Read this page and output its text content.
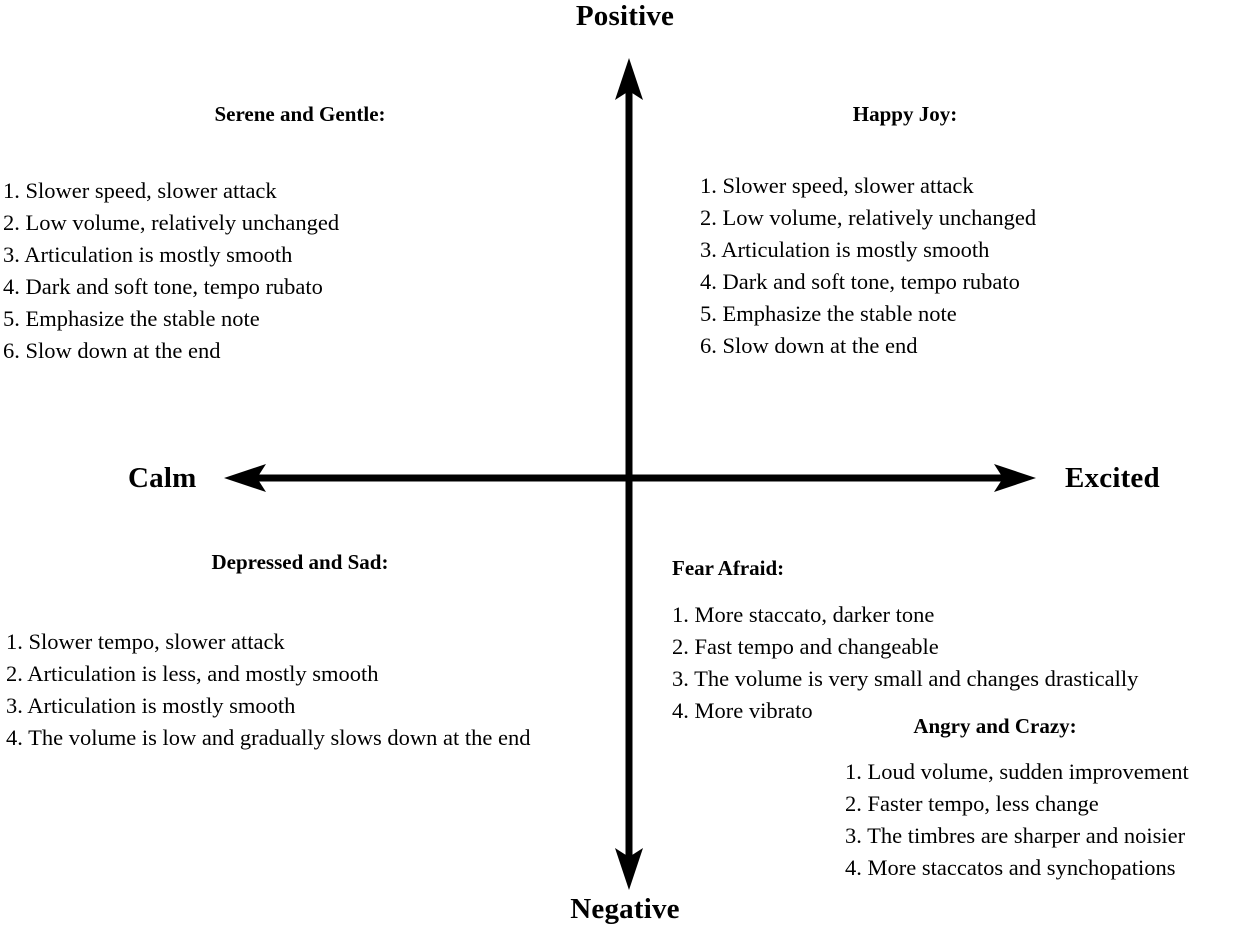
Positive
Negative
Calm	Excited
Serene and Gentle:
1. Slower speed, slower attack
2. Low volume, relatively unchanged
3. Articulation is mostly smooth
4. Dark and soft tone, tempo rubato
5. Emphasize the stable note
6. Slow down at the end
Happy Joy:
1. Slower speed, slower attack
2. Low volume, relatively unchanged
3. Articulation is mostly smooth
4. Dark and soft tone, tempo rubato
5. Emphasize the stable note
6. Slow down at the end
Depressed and Sad:
1. Slower tempo, slower attack
2. Articulation is less, and mostly smooth
3. Articulation is mostly smooth
4. The volume is low and gradually slows down at the end
Fear Afraid:
1. More staccato, darker tone
2. Fast tempo and changeable
3. The volume is very small and changes drastically
4. More vibrato
Angry and Crazy:
1. Loud volume, sudden improvement
2. Faster tempo, less change
3. The timbres are sharper and noisier
4. More staccatos and synchopations
